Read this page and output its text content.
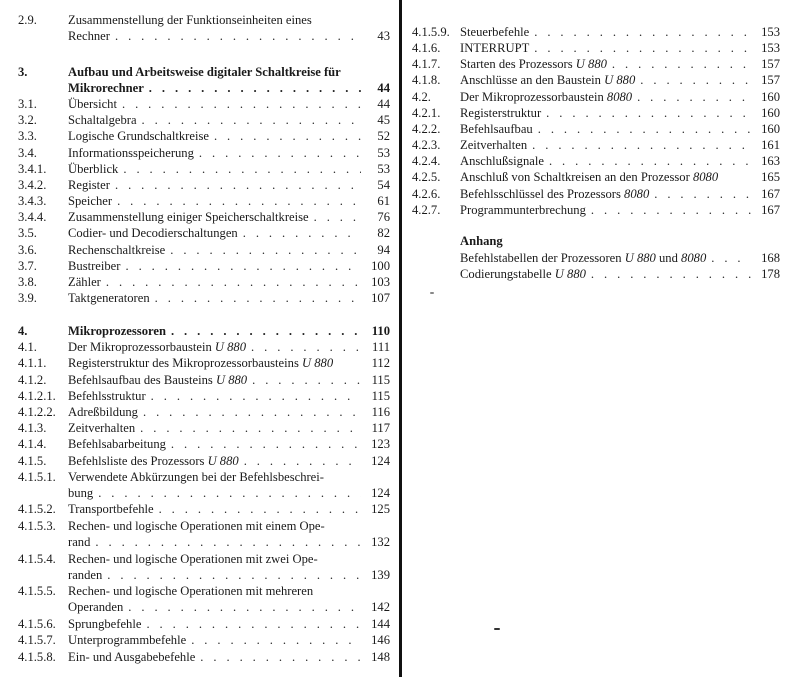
2.9. Zusammenstellung der Funktionseinheiten eines
Rechner . . .	43
3.	Aufbau und Arbeitsweise digitaler Schaltkreise für
Mikrorechner . . .	44
3.1. Übersicht . . .	44
3.2. Schaltalgebra . . .	45
3.3. Logische Grundschaltkreise . . .	52
3.4. Informationsspeicherung . . .	53
3.4.1. Überblick . . .	53
3.4.2. Register . . .	54
3.4.3. Speicher . . .	61
3.4.4. Zusammenstellung einiger Speicherschaltkreise . . .	76
3.5. Codier- und Decodierschaltungen . . .	82
3.6. Rechenschaltkreise . . .	94
3.7. Bustreiber . . .	100
3.8. Zähler . . .	103
3.9. Taktgeneratoren . . .	107
4.	Mikroprozessoren . . .	110
4.1. Der Mikroprozessorbaustein U 880 . . .	111
4.1.1. Registerstruktur des Mikroprozessorbausteins U 880	112
4.1.2. Befehlsaufbau des Bausteins U 880 . . .	115
4.1.2.1. Befehlsstruktur . . .	115
4.1.2.2. Adreßbildung . . .	116
4.1.3. Zeitverhalten . . .	117
4.1.4. Befehlsabarbeitung . . .	123
4.1.5. Befehlsliste des Prozessors U 880 . . .	124
4.1.5.1. Verwendete Abkürzungen bei der Befehlsbeschrei-
bung . . .	124
4.1.5.2. Transportbefehle . . .	125
4.1.5.3. Rechen- und logische Operationen mit einem Ope-
rand . . .	132
4.1.5.4. Rechen- und logische Operationen mit zwei Ope-
randen . . .	139
4.1.5.5. Rechen- und logische Operationen mit mehreren
Operanden . . .	142
4.1.5.6. Sprungbefehle . . .	144
4.1.5.7. Unterprogrammbefehle . . .	146
4.1.5.8. Ein- und Ausgabebefehle . . .	148
Anhang
4.1.5.9. Steuerbefehle . . .	153
4.1.6. INTERRUPT . . .	153
4.1.7. Starten des Prozessors U 880 . . .	157
4.1.8. Anschlüsse an den Baustein U 880 . . .	157
4.2. Der Mikroprozessorbaustein 8080 . . .	160
4.2.1. Registerstruktur . . .	160
4.2.2. Befehlsaufbau . . .	160
4.2.3. Zeitverhalten . . .	161
4.2.4. Anschlußsignale . . .	163
4.2.5. Anschluß von Schaltkreisen an den Prozessor 8080	165
4.2.6. Befehlsschlüssel des Prozessors 8080 . . .	167
4.2.7. Programmunterbrechung . . .	167
Befehlstabellen der Prozessoren U 880 und 8080 . . .	168
Codierungstabelle U 880 . . .	178
